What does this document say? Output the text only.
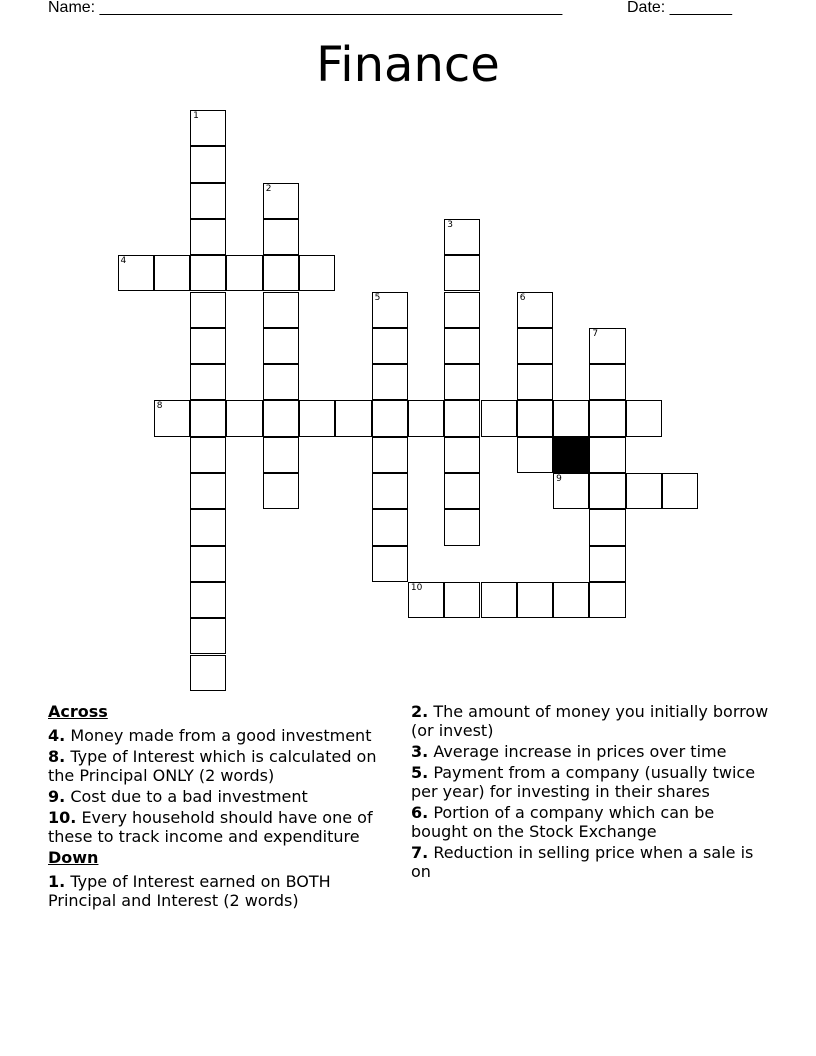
Name: ____________________________________________________	Date: _______
Finance
1
2
3
4
5	6
7
8
9
10
Across
4. Money made from a good investment
8. Type of Interest which is calculated on the Principal ONLY (2 words)
9. Cost due to a bad investment
10. Every household should have one of these to track income and expenditure
Down
1. Type of Interest earned on BOTH Principal and Interest (2 words)
2. The amount of money you initially borrow (or invest)
3. Average increase in prices over time
5. Payment from a company (usually twice per year) for investing in their shares
6. Portion of a company which can be bought on the Stock Exchange
7. Reduction in selling price when a sale is on
